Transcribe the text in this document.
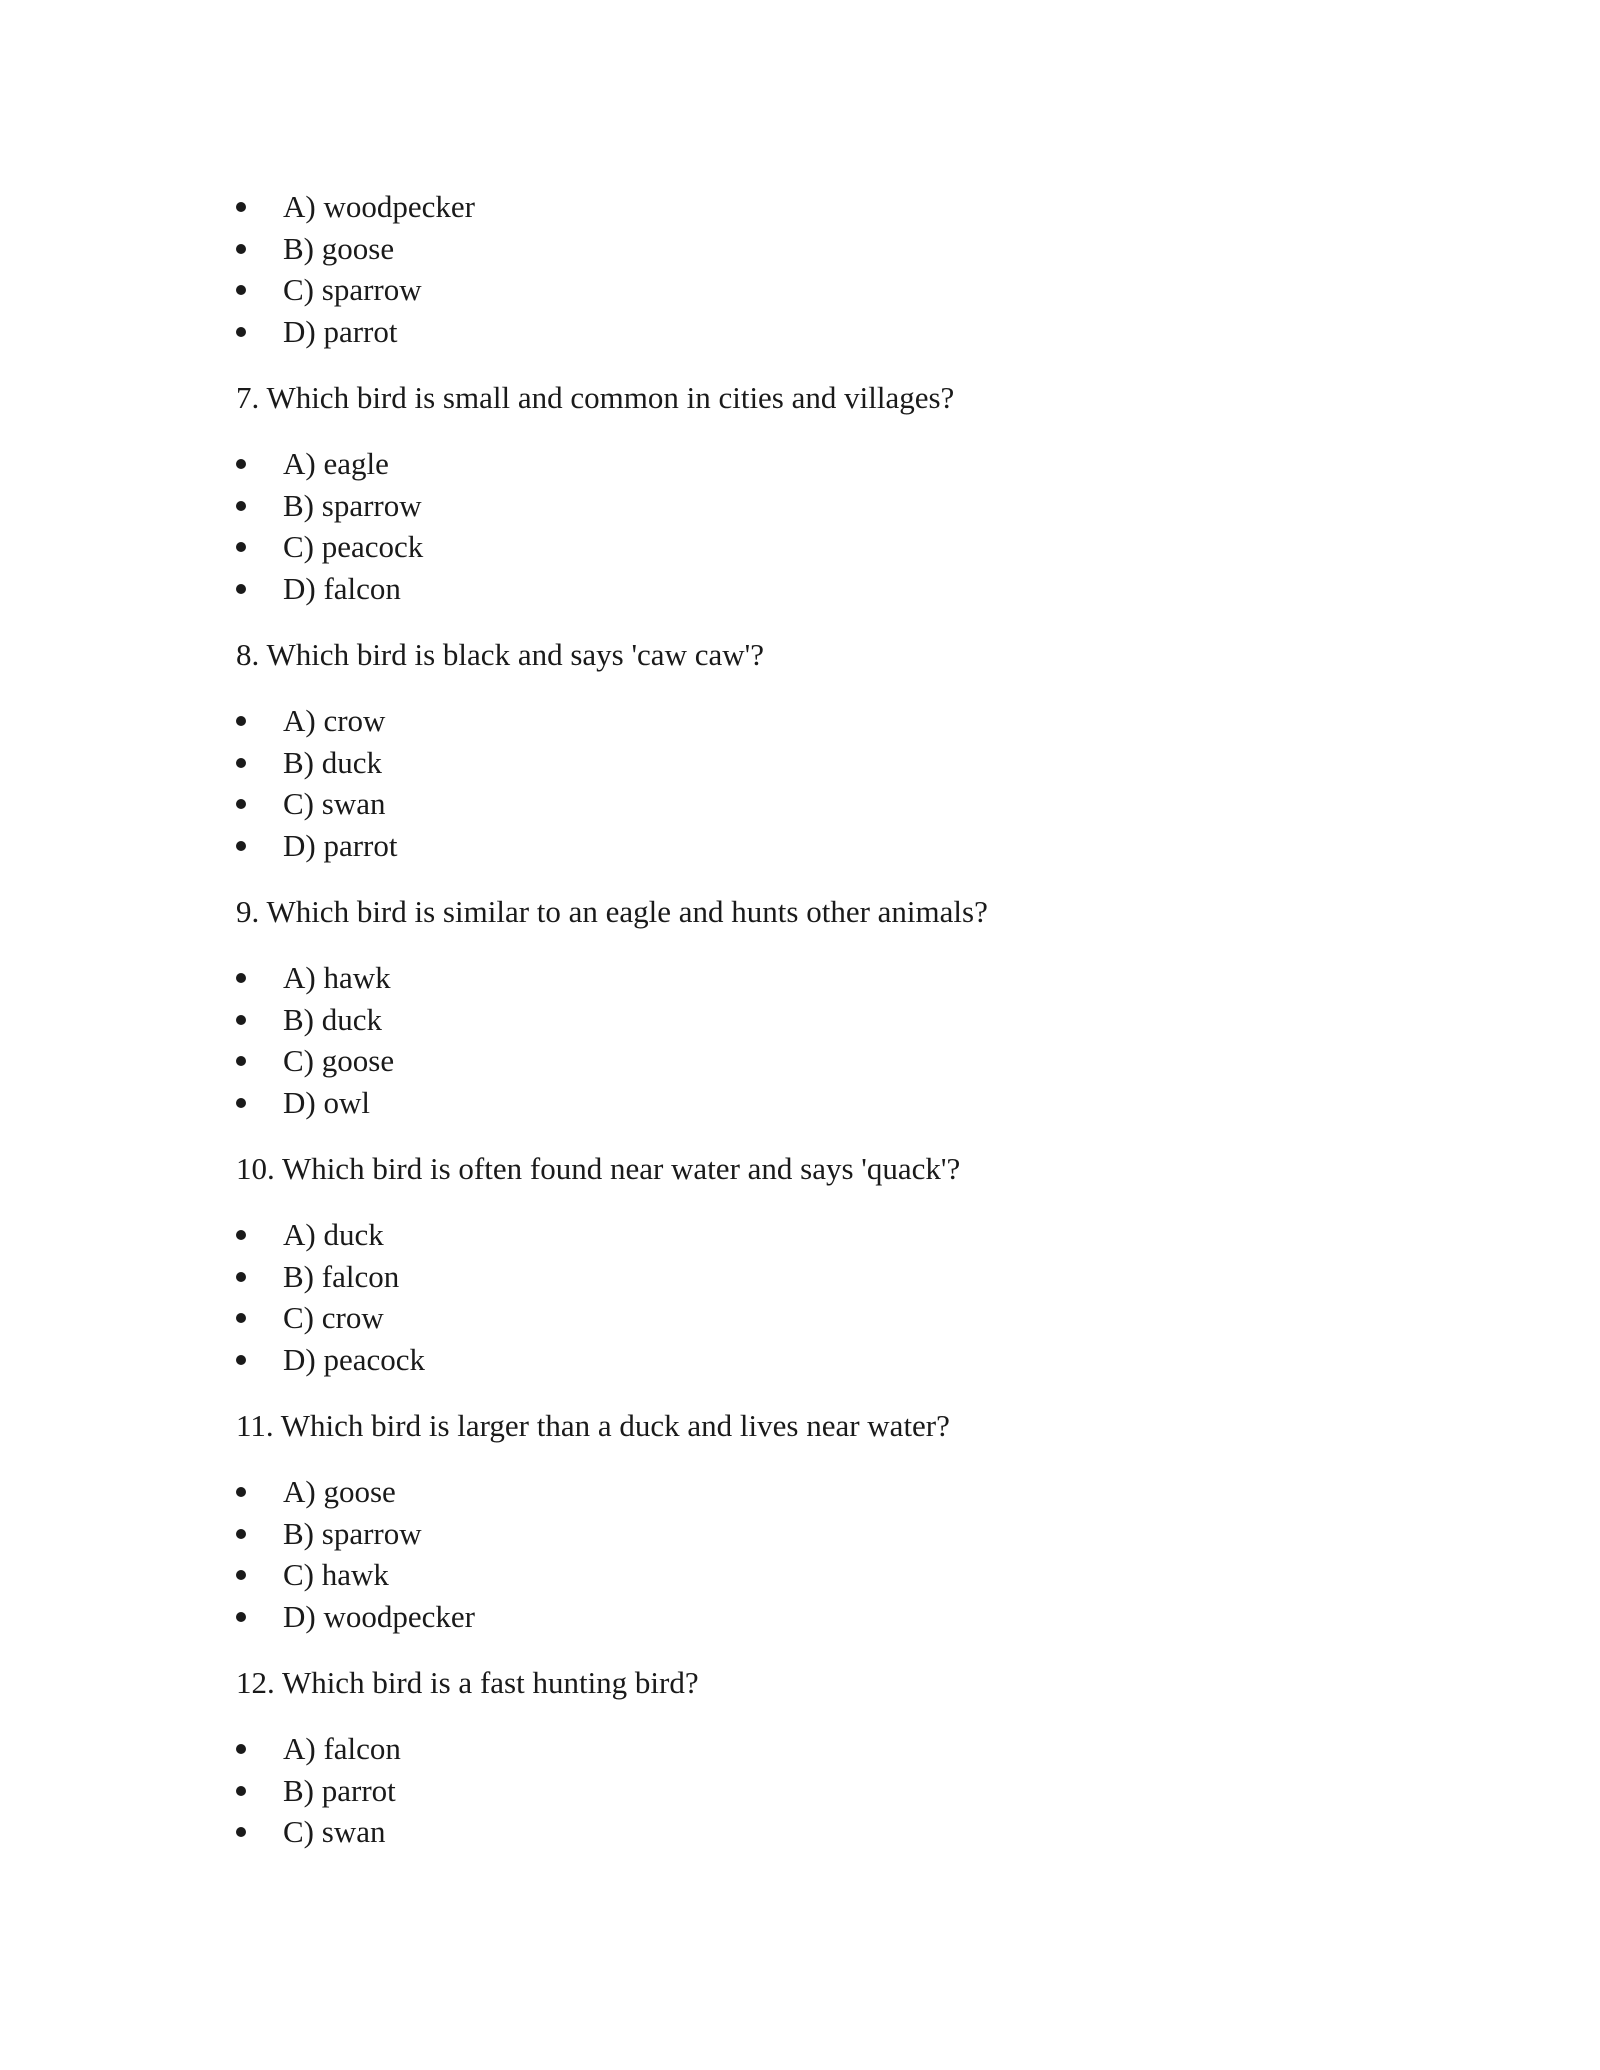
A) woodpecker
B) goose
C) sparrow
D) parrot

7. Which bird is small and common in cities and villages?

A) eagle
B) sparrow
C) peacock
D) falcon

8. Which bird is black and says 'caw caw'?

A) crow
B) duck
C) swan
D) parrot

9. Which bird is similar to an eagle and hunts other animals?

A) hawk
B) duck
C) goose
D) owl

10. Which bird is often found near water and says 'quack'?

A) duck
B) falcon
C) crow
D) peacock

11. Which bird is larger than a duck and lives near water?

A) goose
B) sparrow
C) hawk
D) woodpecker

12. Which bird is a fast hunting bird?

A) falcon
B) parrot
C) swan
